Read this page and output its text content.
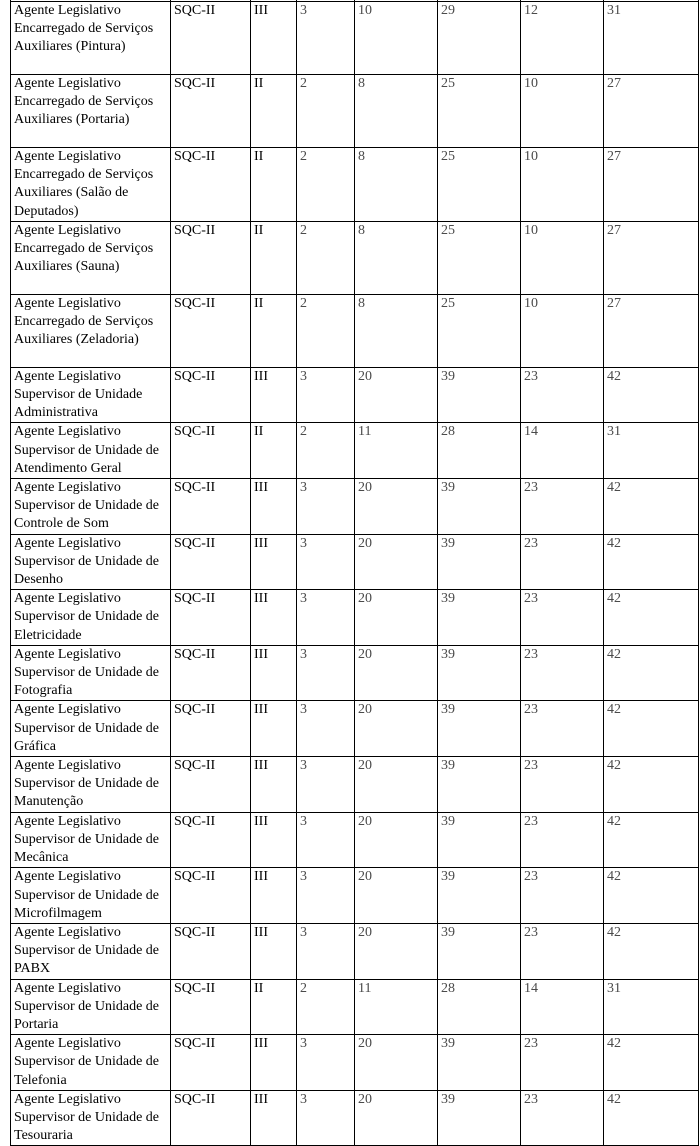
Agente Legislativo Encarregado de Serviços Auxiliares (Pintura)	SQC-II	III	3	10	29	12	31

Agente Legislativo Encarregado de Serviços Auxiliares (Portaria)	SQC-II	II	2	8	25	10	27

Agente Legislativo Encarregado de Serviços Auxiliares (Salão de Deputados)	SQC-II	II	2	8	25	10	27

Agente Legislativo Encarregado de Serviços Auxiliares (Sauna)	SQC-II	II	2	8	25	10	27

Agente Legislativo Encarregado de Serviços Auxiliares (Zeladoria)	SQC-II	II	2	8	25	10	27

Agente Legislativo Supervisor de Unidade Administrativa	SQC-II	III	3	20	39	23	42

Agente Legislativo Supervisor de Unidade de Atendimento Geral	SQC-II	II	2	11	28	14	31

Agente Legislativo Supervisor de Unidade de Controle de Som	SQC-II	III	3	20	39	23	42

Agente Legislativo Supervisor de Unidade de Desenho	SQC-II	III	3	20	39	23	42

Agente Legislativo Supervisor de Unidade de Eletricidade	SQC-II	III	3	20	39	23	42

Agente Legislativo Supervisor de Unidade de Fotografia	SQC-II	III	3	20	39	23	42

Agente Legislativo Supervisor de Unidade de Gráfica	SQC-II	III	3	20	39	23	42

Agente Legislativo Supervisor de Unidade de Manutenção	SQC-II	III	3	20	39	23	42

Agente Legislativo Supervisor de Unidade de Mecânica	SQC-II	III	3	20	39	23	42

Agente Legislativo Supervisor de Unidade de Microfilmagem	SQC-II	III	3	20	39	23	42

Agente Legislativo Supervisor de Unidade de PABX	SQC-II	III	3	20	39	23	42

Agente Legislativo Supervisor de Unidade de Portaria	SQC-II	II	2	11	28	14	31

Agente Legislativo Supervisor de Unidade de Telefonia	SQC-II	III	3	20	39	23	42

Agente Legislativo Supervisor de Unidade de Tesouraria	SQC-II	III	3	20	39	23	42
